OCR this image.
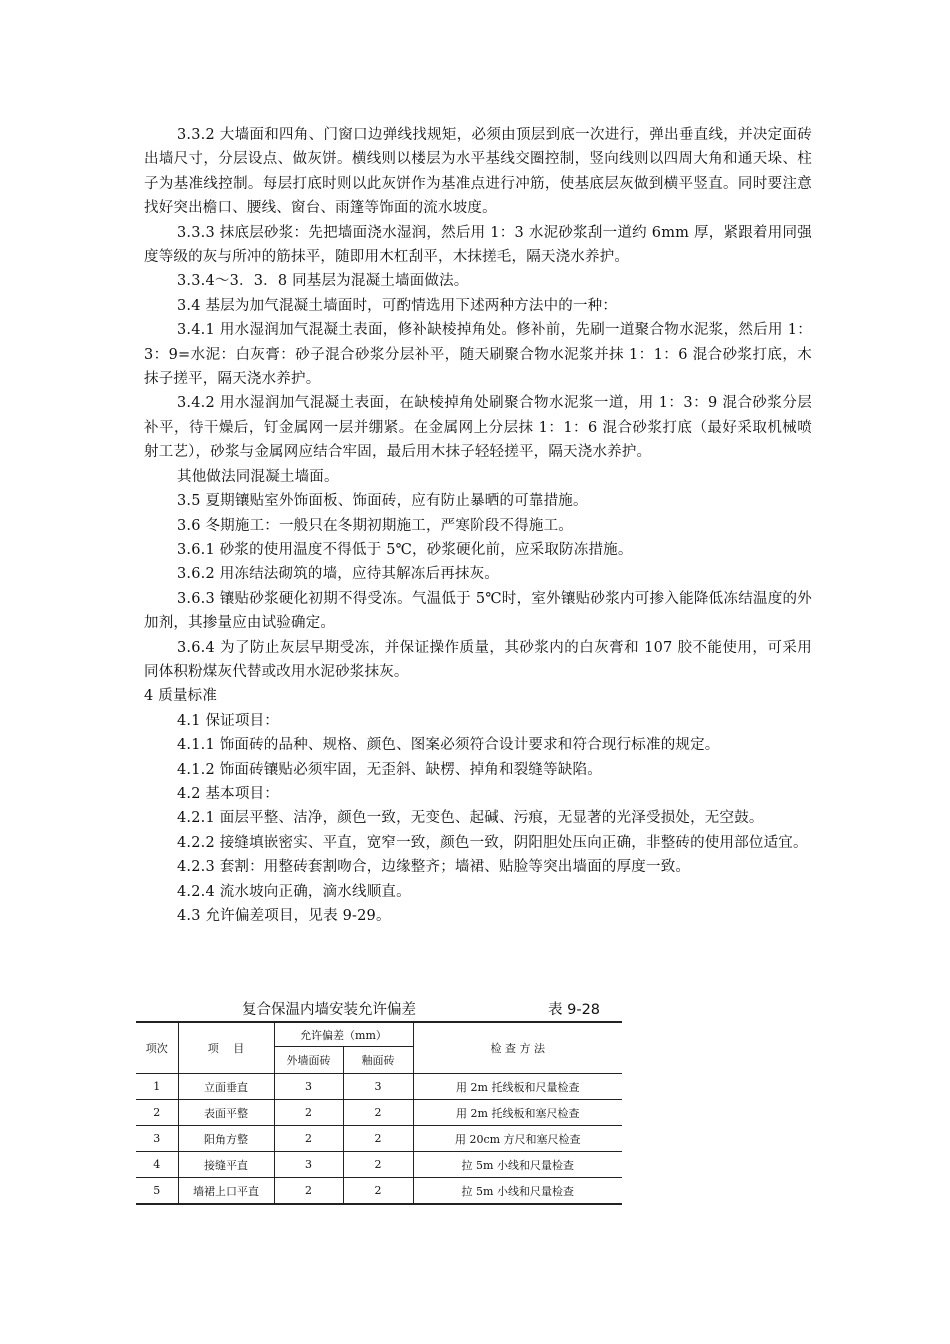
3.3.2 大墙面和四角、门窗口边弹线找规矩，必须由顶层到底一次进行，弹出垂直线，并决定面砖出墙尺寸，分层设点、做灰饼。横线则以楼层为水平基线交圈控制，竖向线则以四周大角和通天垛、柱子为基准线控制。每层打底时则以此灰饼作为基准点进行冲筋，使基底层灰做到横平竖直。同时要注意找好突出檐口、腰线、窗台、雨篷等饰面的流水坡度。

3.3.3 抹底层砂浆：先把墙面浇水湿润，然后用 1：3 水泥砂浆刮一道约 6mm 厚，紧跟着用同强度等级的灰与所冲的筋抹平，随即用木杠刮平，木抹搓毛，隔天浇水养护。

3.3.4～3．3．8 同基层为混凝土墙面做法。

3.4 基层为加气混凝土墙面时，可酌情选用下述两种方法中的一种：

3.4.1 用水湿润加气混凝土表面，修补缺棱掉角处。修补前，先刷一道聚合物水泥浆，然后用 1：3：9=水泥：白灰膏：砂子混合砂浆分层补平，随天刷聚合物水泥浆并抹 1：1：6 混合砂浆打底，木抹子搓平，隔天浇水养护。

3.4.2 用水湿润加气混凝土表面，在缺棱掉角处刷聚合物水泥浆一道，用 1：3：9 混合砂浆分层补平，待干燥后，钉金属网一层并绷紧。在金属网上分层抹 1：1：6 混合砂浆打底（最好采取机械喷射工艺），砂浆与金属网应结合牢固，最后用木抹子轻轻搓平，隔天浇水养护。

其他做法同混凝土墙面。

3.5 夏期镶贴室外饰面板、饰面砖，应有防止暴晒的可靠措施。

3.6 冬期施工：一般只在冬期初期施工，严寒阶段不得施工。

3.6.1 砂浆的使用温度不得低于 5℃，砂浆硬化前，应采取防冻措施。

3.6.2 用冻结法砌筑的墙，应待其解冻后再抹灰。

3.6.3 镶贴砂浆硬化初期不得受冻。气温低于 5℃时，室外镶贴砂浆内可掺入能降低冻结温度的外加剂，其掺量应由试验确定。

3.6.4 为了防止灰层早期受冻，并保证操作质量，其砂浆内的白灰膏和 107 胶不能使用，可采用同体积粉煤灰代替或改用水泥砂浆抹灰。

4 质量标准

4.1 保证项目：

4.1.1 饰面砖的品种、规格、颜色、图案必须符合设计要求和符合现行标准的规定。

4.1.2 饰面砖镶贴必须牢固，无歪斜、缺楞、掉角和裂缝等缺陷。

4.2 基本项目：

4.2.1 面层平整、洁净，颜色一致，无变色、起碱、污痕，无显著的光泽受损处，无空鼓。

4.2.2 接缝填嵌密实、平直，宽窄一致，颜色一致，阴阳胆处压向正确，非整砖的使用部位适宜。

4.2.3 套割：用整砖套割吻合，边缘整齐；墙裙、贴脸等突出墙面的厚度一致。

4.2.4 流水坡向正确，滴水线顺直。

4.3 允许偏差项目，见表 9-29。

复合保温内墙安装允许偏差	表 9-28
项次	项　 目	允许偏差（mm）		检 查 方 法
		外墙面砖	釉面砖	
1	立面垂直	3	3	用 2m 托线板和尺量检查
2	表面平整	2	2	用 2m 托线板和塞尺检查
3	阳角方整	2	2	用 20cm 方尺和塞尺检查
4	接缝平直	3	2	拉 5m 小线和尺量检查
5	墙裙上口平直	2	2	拉 5m 小线和尺量检查
